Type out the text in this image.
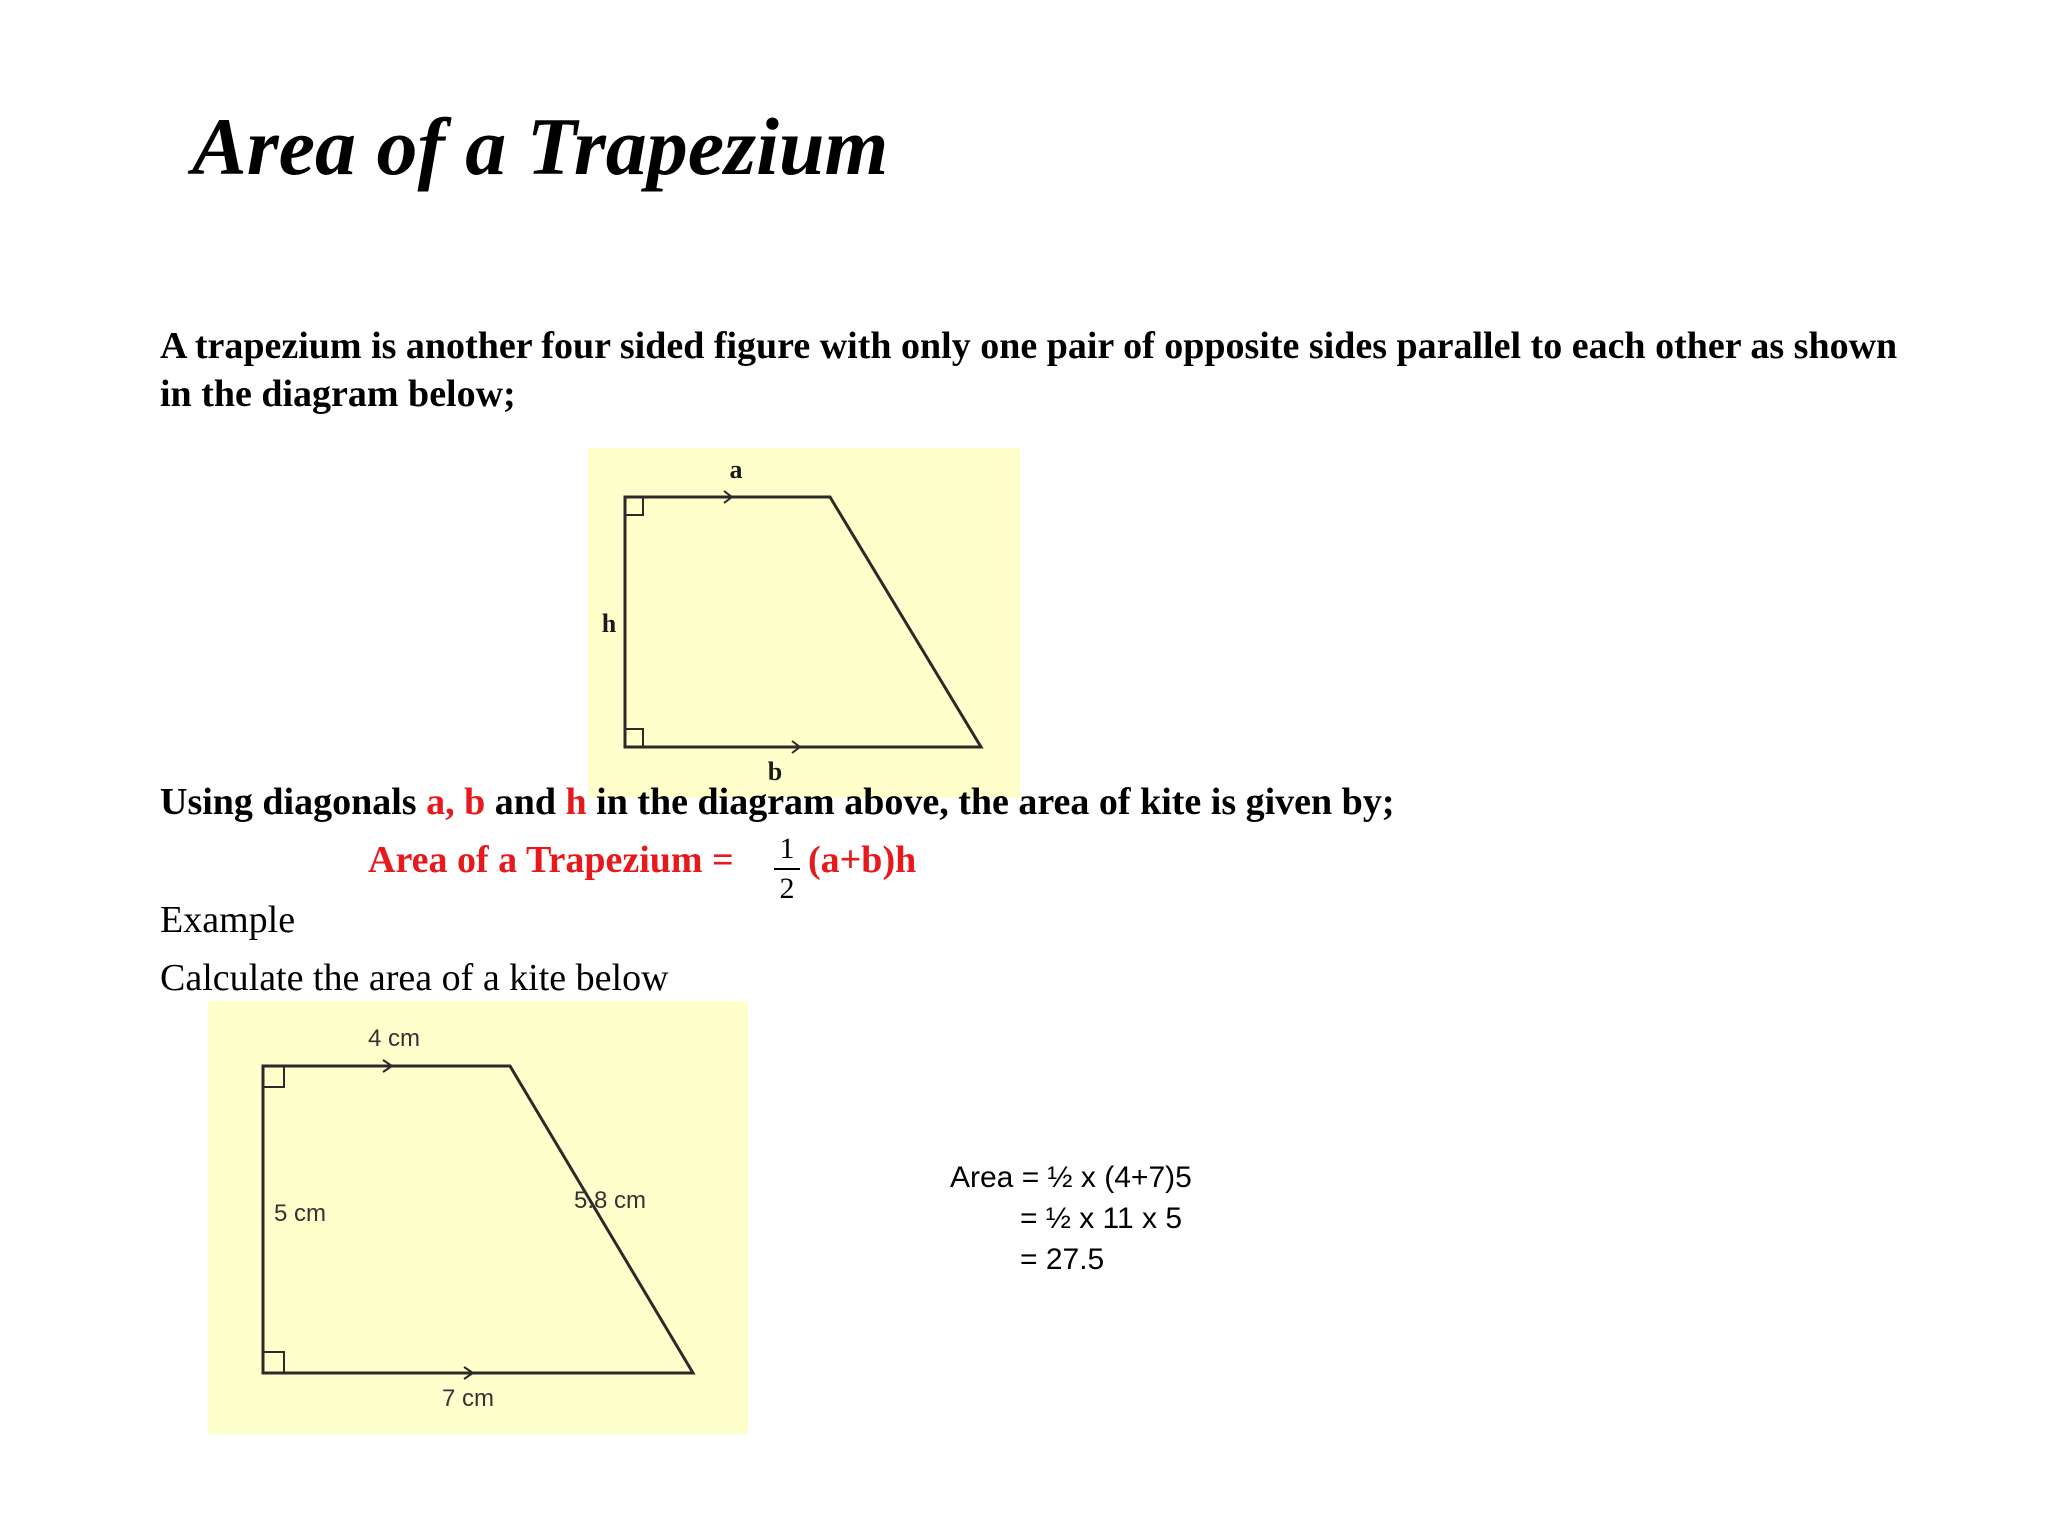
Area of a Trapezium
A trapezium is another four sided figure with only one pair of opposite sides parallel to each other as shown in the diagram below;
a
h
b
Using diagonals a, b and h in the diagram above, the area of kite is given by;
Area of a Trapezium = 1
2
(a+b)h
Example
Calculate the area of a kite below
4 cm
5 cm	5.8 cm
7 cm
Area = ½ x (4+7)5
= ½ x 11 x 5
= 27.5
